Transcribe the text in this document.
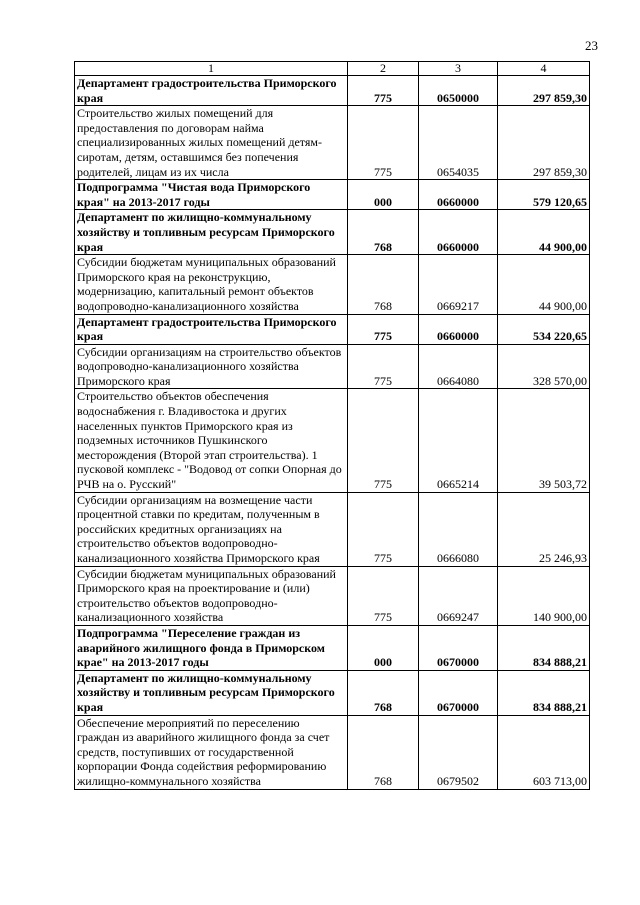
23
1	2	3	4
Департамент градостроительства Приморского края	775	0650000	297 859,30
Строительство жилых помещений для предоставления по договорам найма специализированных жилых помещений детям-сиротам, детям, оставшимся без попечения родителей, лицам из их числа	775	0654035	297 859,30
Подпрограмма "Чистая вода Приморского края" на 2013-2017 годы	000	0660000	579 120,65
Департамент по жилищно-коммунальному хозяйству и топливным ресурсам Приморского края	768	0660000	44 900,00
Субсидии бюджетам муниципальных образований Приморского края на реконструкцию, модернизацию, капитальный ремонт объектов водопроводно-канализационного хозяйства	768	0669217	44 900,00
Департамент градостроительства Приморского края	775	0660000	534 220,65
Субсидии организациям на строительство объектов водопроводно-канализационного хозяйства Приморского края	775	0664080	328 570,00
Строительство объектов обеспечения водоснабжения г. Владивостока и других населенных пунктов Приморского края из подземных источников Пушкинского месторождения (Второй этап строительства). 1 пусковой комплекс - "Водовод от сопки Опорная до РЧВ на о. Русский"	775	0665214	39 503,72
Субсидии организациям на возмещение части процентной ставки по кредитам, полученным в российских кредитных организациях на строительство объектов водопроводно-канализационного хозяйства Приморского края	775	0666080	25 246,93
Субсидии бюджетам муниципальных образований Приморского края на проектирование и (или) строительство объектов водопроводно-канализационного хозяйства	775	0669247	140 900,00
Подпрограмма "Переселение граждан из аварийного жилищного фонда в Приморском крае" на 2013-2017 годы	000	0670000	834 888,21
Департамент по жилищно-коммунальному хозяйству и топливным ресурсам Приморского края	768	0670000	834 888,21
Обеспечение мероприятий по переселению граждан из аварийного жилищного фонда за счет средств, поступивших от государственной корпорации Фонда содействия реформированию жилищно-коммунального хозяйства	768	0679502	603 713,00
